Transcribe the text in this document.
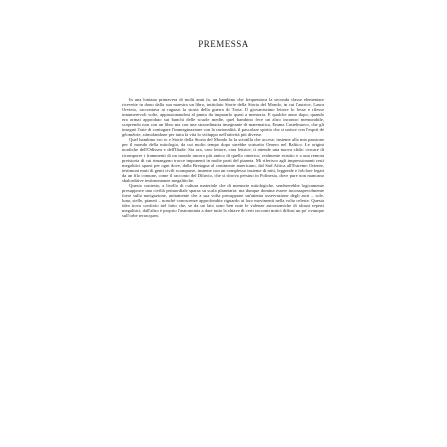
PREMESSA

In una lontana primavera di molti anni fa, un bambino che frequentava la seconda classe elementare ricevette in dono dalla sua maestra un libro, intitolato Storie della Storia del Mondo, in cui l'autrice, Laura Orvieto, raccontava ai ragazzi la storia della guerra di Troia. Il giovanissimo lettore lo lesse e rilesse innumerevoli volte, appassionandosi al punto da impararlo quasi a memoria. E qualche anno dopo, quando era ormai approdato sui banchi delle scuole medie, quel bambino fece un altro incontro memorabile, scoprendo non con un libro ma con una straordinaria insegnante di matematica, Emma Castelnuovo, che gli insegnò l'arte di coniugare l'immaginazione con la razionalità, il pascolare spirito che si unisce con l'esprit de géométrie, stimolandone per tutta la vita lo sviluppo nell'attività più diverse.

Quel bambino ero io e Storie della Storia del Mondo fu la scintilla che accese, insieme alla mia passione per il mondo della mitologia, da cui molto tempo dopo sarebbe scaturito Omero nel Baltico. Le origini nordiche dell'Odissea e dell'Iliade. Sia ora, caro lettore, cara lettrice, ti attende una nuova sfida: cercare di ricomporre i frammenti di un mondo ancora più antico di quello omerico, realmente esistito e a una remota preistoria di cui rimangono tracce imponenti in molte parti del pianeta. Mi riferisco agli impressionanti resti megalitici sparsi per ogni dove, dalla Bretagna al continente americano, dal Sud Africa all'Estremo Oriente, testimoni muti di genti civili scomparse, insieme con un complesso insieme di miti, leggende e folclore legati da un filo comune, come il racconto del Diluvio, che si ritrova persino in Polinesia, dove pure non mancano sbalorditive testimonianze megalitiche.

Questo contesto, a livello di cultura materiale che di memorie mitologiche, sembrerebbe logicamente presupporre una civiltà primordiale sparsa su scala planetaria: ma dunque domina essere inconsapevolmente forse sulla navigazione, unitamente che a sua volta presuppone un'attenta osservazione degli astri – sole, luna, stelle, pianeti – nonché conoscenze approfondite riguardo ai loro movimenti nella volta celeste. Questa idea trova conforto nel fatto che, se da un lato sono ben note le valenze astronomiche di alcuni reperti megalitici, dall'altro è proprio l'astronomia a dare tutto la chiave di certi racconti mitici diffusi un po' ovunque sull'orbe terracqueo.
